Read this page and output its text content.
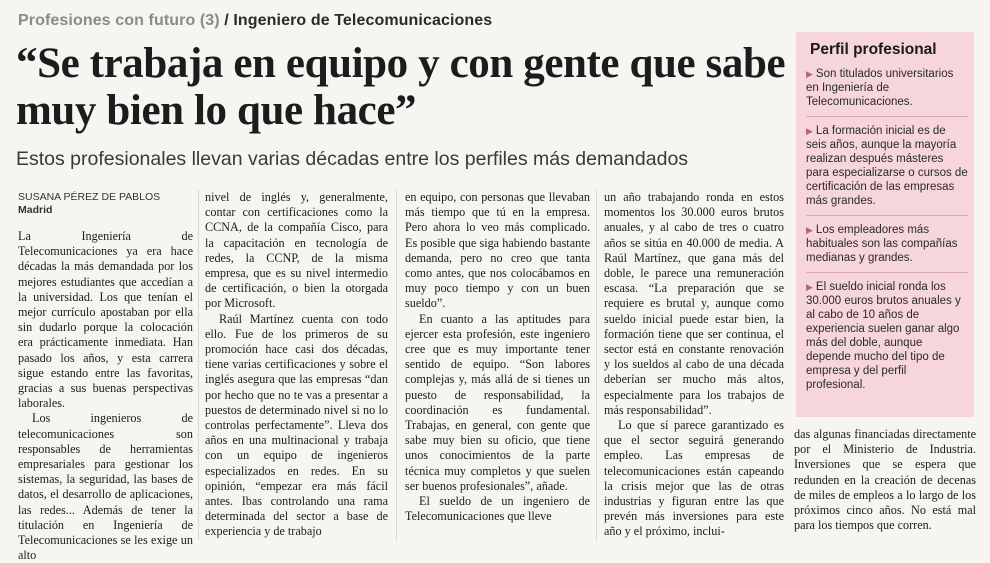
Profesiones con futuro (3) / Ingeniero de Telecomunicaciones
“Se trabaja en equipo y con gente que sabe muy bien lo que hace”
Estos profesionales llevan varias décadas entre los perfiles más demandados
SUSANA PÉREZ DE PABLOS
Madrid

La Ingeniería de Telecomunicaciones ya era hace décadas la más demandada por los mejores estudiantes que accedían a la universidad. Los que tenían el mejor currículo apostaban por ella sin dudarlo porque la colocación era prácticamente inmediata. Han pasado los años, y esta carrera sigue estando entre las favoritas, gracias a sus buenas perspectivas laborales.

Los ingenieros de telecomunicaciones son responsables de herramientas empresariales para gestionar los sistemas, la seguridad, las bases de datos, el desarrollo de aplicaciones, las redes... Además de tener la titulación en Ingeniería de Telecomunicaciones se les exige un alto

nivel de inglés y, generalmente, contar con certificaciones como la CCNA, de la compañía Cisco, para la capacitación en tecnología de redes, la CCNP, de la misma empresa, que es su nivel intermedio de certificación, o bien la otorgada por Microsoft.

Raúl Martínez cuenta con todo ello. Fue de los primeros de su promoción hace casi dos décadas, tiene varias certificaciones y sobre el inglés asegura que las empresas “dan por hecho que no te vas a presentar a puestos de determinado nivel si no lo controlas perfectamente”. Lleva dos años en una multinacional y trabaja con un equipo de ingenieros especializados en redes. En su opinión, “empezar era más fácil antes. Ibas controlando una rama determinada del sector a base de experiencia y de trabajo

en equipo, con personas que llevaban más tiempo que tú en la empresa. Pero ahora lo veo más complicado. Es posible que siga habiendo bastante demanda, pero no creo que tanta como antes, que nos colocábamos en muy poco tiempo y con un buen sueldo”.

En cuanto a las aptitudes para ejercer esta profesión, este ingeniero cree que es muy importante tener sentido de equipo. “Son labores complejas y, más allá de si tienes un puesto de responsabilidad, la coordinación es fundamental. Trabajas, en general, con gente que sabe muy bien su oficio, que tiene unos conocimientos de la parte técnica muy completos y que suelen ser buenos profesionales”, añade.

El sueldo de un ingeniero de Telecomunicaciones que lleve

un año trabajando ronda en estos momentos los 30.000 euros brutos anuales, y al cabo de tres o cuatro años se sitúa en 40.000 de media. A Raúl Martínez, que gana más del doble, le parece una remuneración escasa. “La preparación que se requiere es brutal y, aunque como sueldo inicial puede estar bien, la formación tiene que ser continua, el sector está en constante renovación y los sueldos al cabo de una década deberían ser mucho más altos, especialmente para los trabajos de más responsabilidad”.

Lo que sí parece garantizado es que el sector seguirá generando empleo. Las empresas de telecomunicaciones están capeando la crisis mejor que las de otras industrias y figuran entre las que prevén más inversiones para este año y el próximo, inclui-

Perfil profesional
▶ Son titulados universitarios en Ingeniería de Telecomunicaciones.
▶ La formación inicial es de seis años, aunque la mayoría realizan después másteres para especializarse o cursos de certificación de las empresas más grandes.
▶ Los empleadores más habituales son las compañías medianas y grandes.
▶ El sueldo inicial ronda los 30.000 euros brutos anuales y al cabo de 10 años de experiencia suelen ganar algo más del doble, aunque depende mucho del tipo de empresa y del perfil profesional.

das algunas financiadas directamente por el Ministerio de Industria. Inversiones que se espera que redunden en la creación de decenas de miles de empleos a lo largo de los próximos cinco años. No está mal para los tiempos que corren.
